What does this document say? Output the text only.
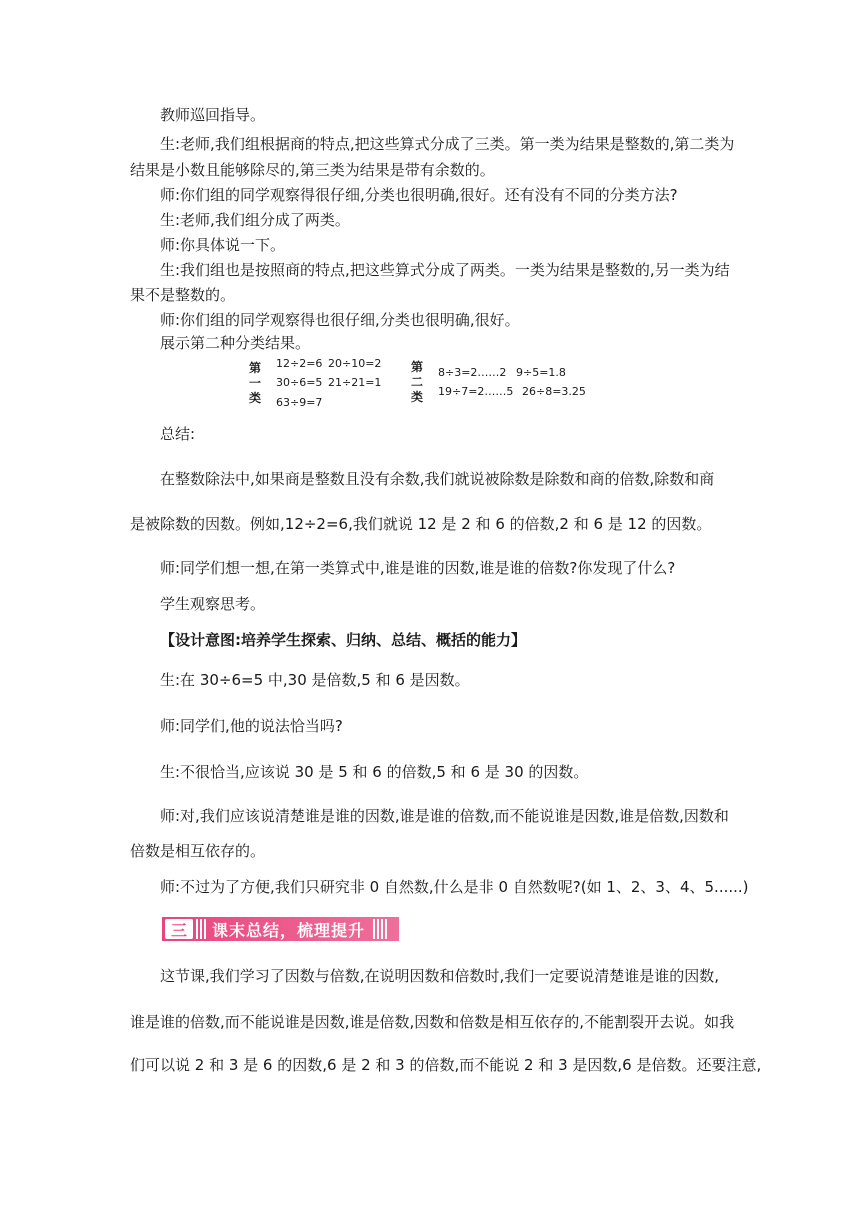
教师巡回指导。
生:老师,我们组根据商的特点,把这些算式分成了三类。第一类为结果是整数的,第二类为
结果是小数且能够除尽的,第三类为结果是带有余数的。
师:你们组的同学观察得很仔细,分类也很明确,很好。还有没有不同的分类方法?
生:老师,我们组分成了两类。
师:你具体说一下。
生:我们组也是按照商的特点,把这些算式分成了两类。一类为结果是整数的,另一类为结
果不是整数的。
师:你们组的同学观察得也很仔细,分类也很明确,很好。
展示第二种分类结果。
第
一
类
12÷2=6 20÷10=2
30÷6=5 21÷21=1
63÷9=7
第
二
类
8÷3=2……2 9÷5=1.8
19÷7=2……5 26÷8=3.25
总结:
在整数除法中,如果商是整数且没有余数,我们就说被除数是除数和商的倍数,除数和商
是被除数的因数。例如,12÷2=6,我们就说 12 是 2 和 6 的倍数,2 和 6 是 12 的因数。
师:同学们想一想,在第一类算式中,谁是谁的因数,谁是谁的倍数?你发现了什么?
学生观察思考。
【设计意图:培养学生探索、归纳、总结、概括的能力】
生:在 30÷6=5 中,30 是倍数,5 和 6 是因数。
师:同学们,他的说法恰当吗?
生:不很恰当,应该说 30 是 5 和 6 的倍数,5 和 6 是 30 的因数。
师:对,我们应该说清楚谁是谁的因数,谁是谁的倍数,而不能说谁是因数,谁是倍数,因数和
倍数是相互依存的。
师:不过为了方便,我们只研究非 0 自然数,什么是非 0 自然数呢?(如 1、2、3、4、5......)
三	课末总结，梳理提升
这节课,我们学习了因数与倍数,在说明因数和倍数时,我们一定要说清楚谁是谁的因数,
谁是谁的倍数,而不能说谁是因数,谁是倍数,因数和倍数是相互依存的,不能割裂开去说。如我
们可以说 2 和 3 是 6 的因数,6 是 2 和 3 的倍数,而不能说 2 和 3 是因数,6 是倍数。还要注意,
